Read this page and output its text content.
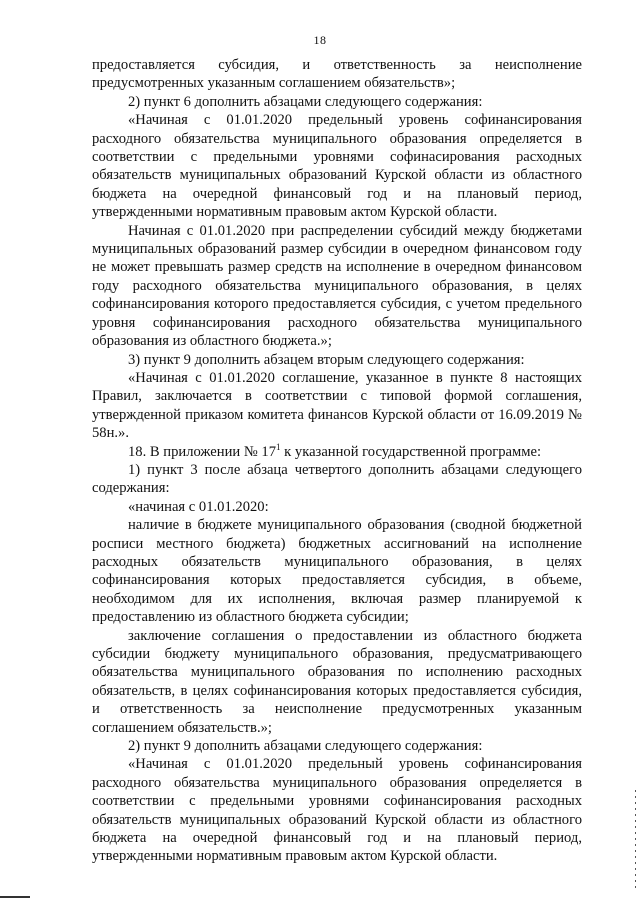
18

предоставляется субсидия, и ответственность за неисполнение предусмотренных указанным соглашением обязательств»;

2) пункт 6 дополнить абзацами следующего содержания:

«Начиная с 01.01.2020 предельный уровень софинансирования расходного обязательства муниципального образования определяется в соответствии с предельными уровнями софинасирования расходных обязательств муниципальных образований Курской области из областного бюджета на очередной финансовый год и на плановый период, утвержденными нормативным правовым актом Курской области.

Начиная с 01.01.2020 при распределении субсидий между бюджетами муниципальных образований размер субсидии в очередном финансовом году не может превышать размер средств на исполнение в очередном финансовом году расходного обязательства муниципального образования, в целях софинансирования которого предоставляется субсидия, с учетом предельного уровня софинансирования расходного обязательства муниципального образования из областного бюджета.»;

3) пункт 9 дополнить абзацем вторым следующего содержания:

«Начиная с 01.01.2020 соглашение, указанное в пункте 8 настоящих Правил, заключается в соответствии с типовой формой соглашения, утвержденной приказом комитета финансов Курской области от 16.09.2019 № 58н.».

18. В приложении № $17^1$ к указанной государственной программе:

1) пункт 3 после абзаца четвертого дополнить абзацами следующего содержания:

«начиная с 01.01.2020:

наличие в бюджете муниципального образования (сводной бюджетной росписи местного бюджета) бюджетных ассигнований на исполнение расходных обязательств муниципального образования, в целях софинансирования которых предоставляется субсидия, в объеме, необходимом для их исполнения, включая размер планируемой к предоставлению из областного бюджета субсидии;

заключение соглашения о предоставлении из областного бюджета субсидии бюджету муниципального образования, предусматривающего обязательства муниципального образования по исполнению расходных обязательств, в целях софинансирования которых предоставляется субсидия, и ответственность за неисполнение предусмотренных указанным соглашением обязательств.»;

2) пункт 9 дополнить абзацами следующего содержания:

«Начиная с 01.01.2020 предельный уровень софинансирования расходного обязательства муниципального образования определяется в соответствии с предельными уровнями софинансирования расходных обязательств муниципальных образований Курской области из областного бюджета на очередной финансовый год и на плановый период, утвержденными нормативным правовым актом Курской области.
